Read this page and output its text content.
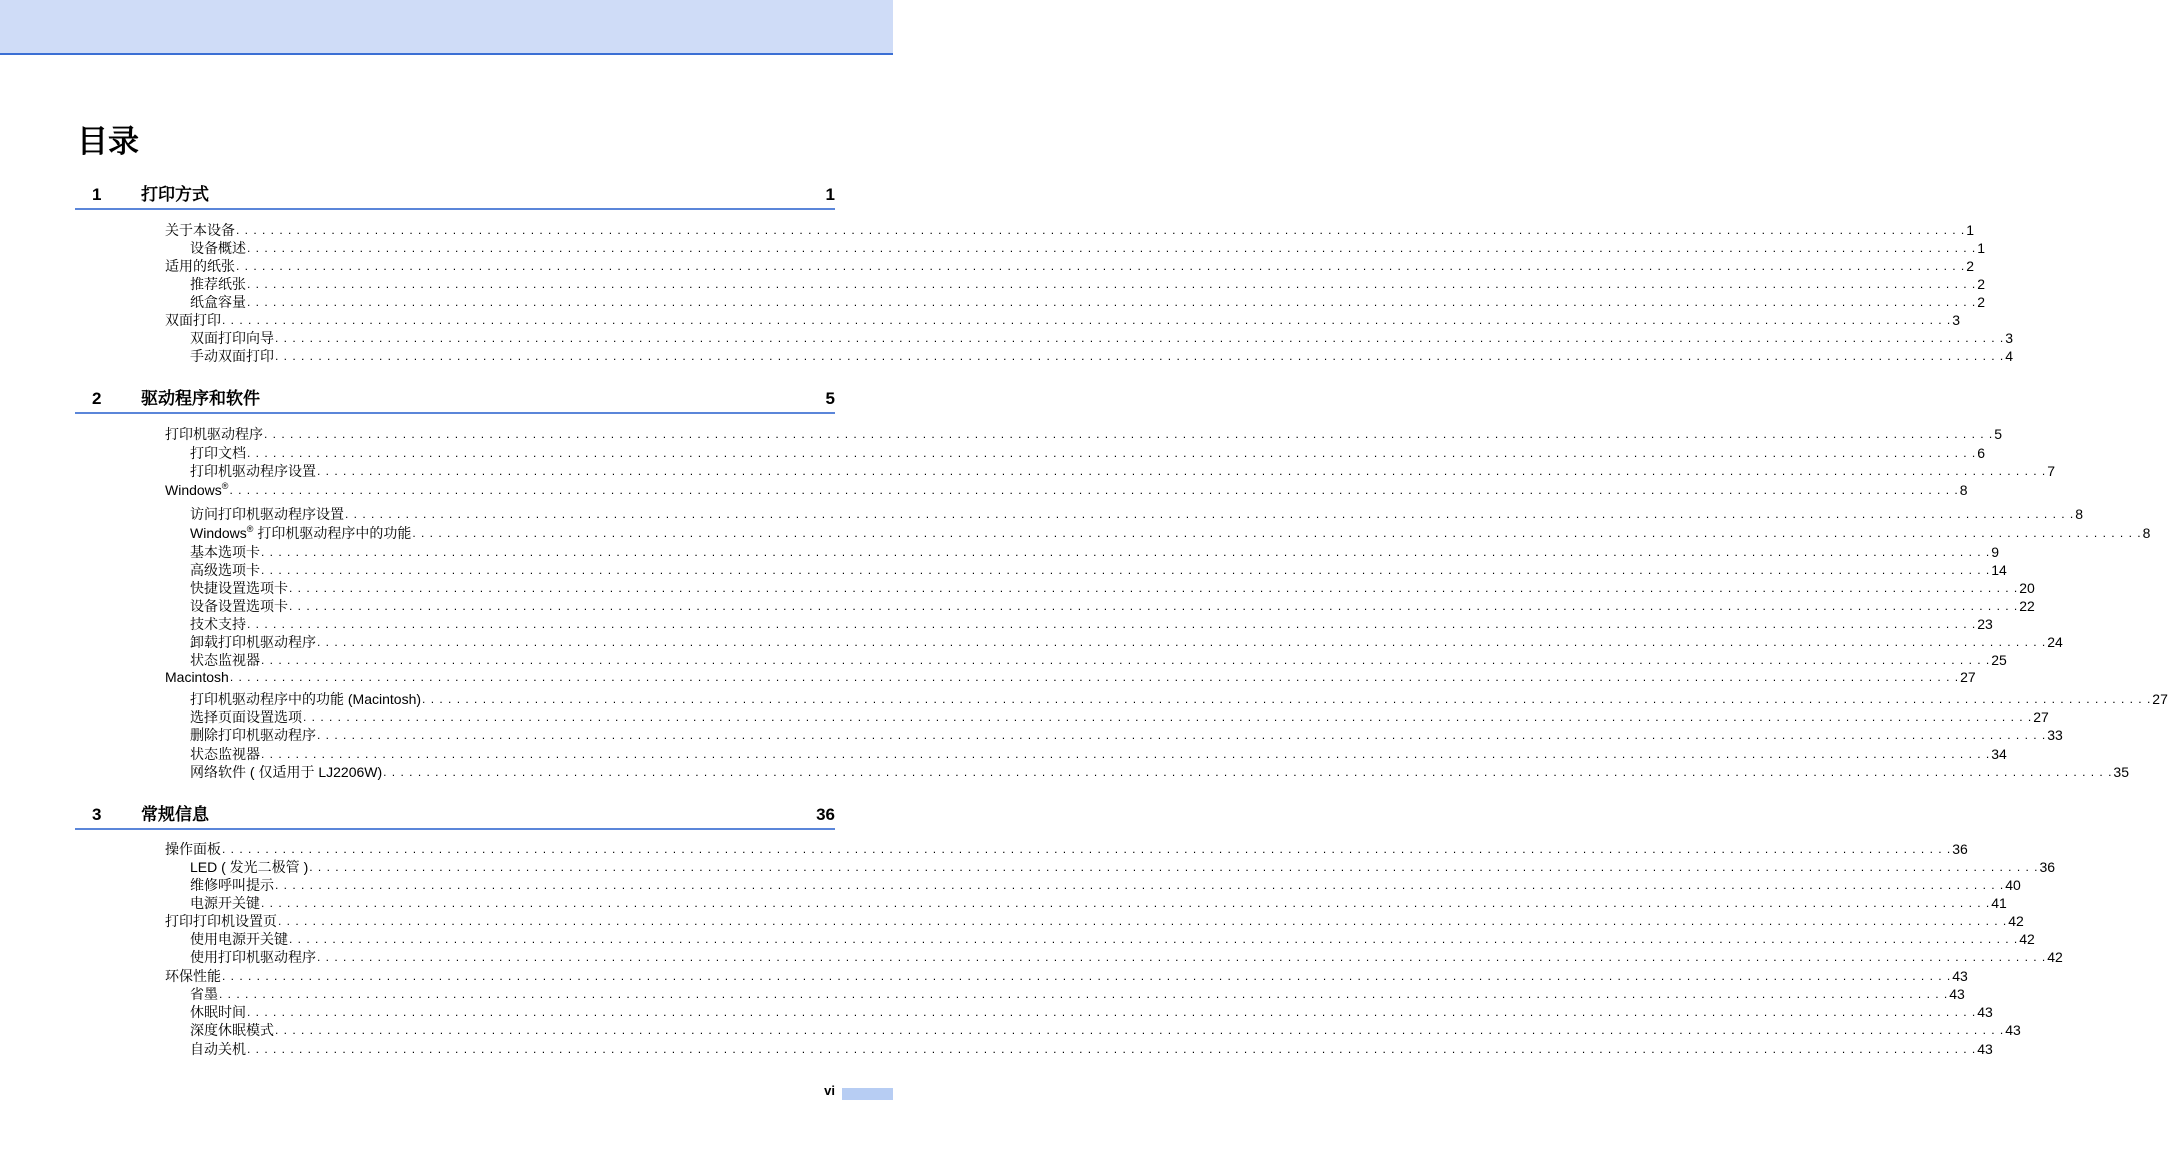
目录
1 打印方式	1
关于本设备 . . . . . . . . . . . . . . . . . . . . . . . . . . . . . . . . . . . . . . . . . . . . . . . . . . . . . . . . . . . . . . . . . . . . . . . . . . . . . . . . . . . . . . . . . . . . . . . . . . . . . . . . . . . . . . . . . . . . . . . . . . . . . . . . . . . . . . . . . . . . . . . . . . . . . . . . . . . . . . . . . . . . . . . . . . . . . . . . . . . . . . . . . . . . . . . . . . . . . . . . 1
设备概述 . . . . . . . . . . . . . . . . . . . . . . . . . . . . . . . . . . . . . . . . . . . . . . . . . . . . . . . . . . . . . . . . . . . . . . . . . . . . . . . . . . . . . . . . . . . . . . . . . . . . . . . . . . . . . . . . . . . . . . . . . . . . . . . . . . . . . . . . . . . . . . . . . . . . . . . . . . . . . . . . . . . . . . . . . . . . . . . . . . . . . . . . . . . . . . . . . . . . . . . . 1
适用的纸张 . . . . . . . . . . . . . . . . . . . . . . . . . . . . . . . . . . . . . . . . . . . . . . . . . . . . . . . . . . . . . . . . . . . . . . . . . . . . . . . . . . . . . . . . . . . . . . . . . . . . . . . . . . . . . . . . . . . . . . . . . . . . . . . . . . . . . . . . . . . . . . . . . . . . . . . . . . . . . . . . . . . . . . . . . . . . . . . . . . . . . . . . . . . . . . . . . . . . . . . . 2
推荐纸张 . . . . . . . . . . . . . . . . . . . . . . . . . . . . . . . . . . . . . . . . . . . . . . . . . . . . . . . . . . . . . . . . . . . . . . . . . . . . . . . . . . . . . . . . . . . . . . . . . . . . . . . . . . . . . . . . . . . . . . . . . . . . . . . . . . . . . . . . . . . . . . . . . . . . . . . . . . . . . . . . . . . . . . . . . . . . . . . . . . . . . . . . . . . . . . . . . . . . . . . . 2
纸盒容量 . . . . . . . . . . . . . . . . . . . . . . . . . . . . . . . . . . . . . . . . . . . . . . . . . . . . . . . . . . . . . . . . . . . . . . . . . . . . . . . . . . . . . . . . . . . . . . . . . . . . . . . . . . . . . . . . . . . . . . . . . . . . . . . . . . . . . . . . . . . . . . . . . . . . . . . . . . . . . . . . . . . . . . . . . . . . . . . . . . . . . . . . . . . . . . . . . . . . . . . . 2
双面打印 . . . . . . . . . . . . . . . . . . . . . . . . . . . . . . . . . . . . . . . . . . . . . . . . . . . . . . . . . . . . . . . . . . . . . . . . . . . . . . . . . . . . . . . . . . . . . . . . . . . . . . . . . . . . . . . . . . . . . . . . . . . . . . . . . . . . . . . . . . . . . . . . . . . . . . . . . . . . . . . . . . . . . . . . . . . . . . . . . . . . . . . . . . . . . . . . . . . . . . . . 3
双面打印向导 . . . . . . . . . . . . . . . . . . . . . . . . . . . . . . . . . . . . . . . . . . . . . . . . . . . . . . . . . . . . . . . . . . . . . . . . . . . . . . . . . . . . . . . . . . . . . . . . . . . . . . . . . . . . . . . . . . . . . . . . . . . . . . . . . . . . . . . . . . . . . . . . . . . . . . . . . . . . . . . . . . . . . . . . . . . . . . . . . . . . . . . . . . . . . . . . . . . . . . . . 3
手动双面打印 . . . . . . . . . . . . . . . . . . . . . . . . . . . . . . . . . . . . . . . . . . . . . . . . . . . . . . . . . . . . . . . . . . . . . . . . . . . . . . . . . . . . . . . . . . . . . . . . . . . . . . . . . . . . . . . . . . . . . . . . . . . . . . . . . . . . . . . . . . . . . . . . . . . . . . . . . . . . . . . . . . . . . . . . . . . . . . . . . . . . . . . . . . . . . . . . . . . . . . . . 4
2 驱动程序和软件	5
打印机驱动程序 . . . . . . . . . . . . . . . . . . . . . . . . . . . . . . . . . . . . . . . . . . . . . . . . . . . . . . . . . . . . . . . . . . . . . . . . . . . . . . . . . . . . . . . . . . . . . . . . . . . . . . . . . . . . . . . . . . . . . . . . . . . . . . . . . . . . . . . . . . . . . . . . . . . . . . . . . . . . . . . . . . . . . . . . . . . . . . . . . . . . . . . . . . . . . . . . . . . . . . . . 5
打印文档 . . . . . . . . . . . . . . . . . . . . . . . . . . . . . . . . . . . . . . . . . . . . . . . . . . . . . . . . . . . . . . . . . . . . . . . . . . . . . . . . . . . . . . . . . . . . . . . . . . . . . . . . . . . . . . . . . . . . . . . . . . . . . . . . . . . . . . . . . . . . . . . . . . . . . . . . . . . . . . . . . . . . . . . . . . . . . . . . . . . . . . . . . . . . . . . . . . . . . . . . 6
打印机驱动程序设置 . . . . . . . . . . . . . . . . . . . . . . . . . . . . . . . . . . . . . . . . . . . . . . . . . . . . . . . . . . . . . . . . . . . . . . . . . . . . . . . . . . . . . . . . . . . . . . . . . . . . . . . . . . . . . . . . . . . . . . . . . . . . . . . . . . . . . . . . . . . . . . . . . . . . . . . . . . . . . . . . . . . . . . . . . . . . . . . . . . . . . . . . . . . . . . . . . . . . . . . . 7
Windows® . . . . . . . . . . . . . . . . . . . . . . . . . . . . . . . . . . . . . . . . . . . . . . . . . . . . . . . . . . . . . . . . . . . . . . . . . . . . . . . . . . . . . . . . . . . . . . . . . . . . . . . . . . . . . . . . . . . . . . . . . . . . . . . . . . . . . . . . . . . . . . . . . . . . . . . . . . . . . . . . . . . . . . . . . . . . . . . . . . . . . . . . . . . . . . . . . . . . . . . . 8
访问打印机驱动程序设置 . . . . . . . . . . . . . . . . . . . . . . . . . . . . . . . . . . . . . . . . . . . . . . . . . . . . . . . . . . . . . . . . . . . . . . . . . . . . . . . . . . . . . . . . . . . . . . . . . . . . . . . . . . . . . . . . . . . . . . . . . . . . . . . . . . . . . . . . . . . . . . . . . . . . . . . . . . . . . . . . . . . . . . . . . . . . . . . . . . . . . . . . . . . . . . . . . . . . . . . . 8
Windows® 打印机驱动程序中的功能 . . . . . . . . . . . . . . . . . . . . . . . . . . . . . . . . . . . . . . . . . . . . . . . . . . . . . . . . . . . . . . . . . . . . . . . . . . . . . . . . . . . . . . . . . . . . . . . . . . . . . . . . . . . . . . . . . . . . . . . . . . . . . . . . . . . . . . . . . . . . . . . . . . . . . . . . . . . . . . . . . . . . . . . . . . . . . . . . . . . . . . . . . . . . . . . . . . . . . . . . 8
基本选项卡 . . . . . . . . . . . . . . . . . . . . . . . . . . . . . . . . . . . . . . . . . . . . . . . . . . . . . . . . . . . . . . . . . . . . . . . . . . . . . . . . . . . . . . . . . . . . . . . . . . . . . . . . . . . . . . . . . . . . . . . . . . . . . . . . . . . . . . . . . . . . . . . . . . . . . . . . . . . . . . . . . . . . . . . . . . . . . . . . . . . . . . . . . . . . . . . . . . . . . . . . 9
高级选项卡 . . . . . . . . . . . . . . . . . . . . . . . . . . . . . . . . . . . . . . . . . . . . . . . . . . . . . . . . . . . . . . . . . . . . . . . . . . . . . . . . . . . . . . . . . . . . . . . . . . . . . . . . . . . . . . . . . . . . . . . . . . . . . . . . . . . . . . . . . . . . . . . . . . . . . . . . . . . . . . . . . . . . . . . . . . . . . . . . . . . . . . . . . . . . . . . . . . . . . . . . 14
快捷设置选项卡 . . . . . . . . . . . . . . . . . . . . . . . . . . . . . . . . . . . . . . . . . . . . . . . . . . . . . . . . . . . . . . . . . . . . . . . . . . . . . . . . . . . . . . . . . . . . . . . . . . . . . . . . . . . . . . . . . . . . . . . . . . . . . . . . . . . . . . . . . . . . . . . . . . . . . . . . . . . . . . . . . . . . . . . . . . . . . . . . . . . . . . . . . . . . . . . . . . . . . . . . 20
设备设置选项卡 . . . . . . . . . . . . . . . . . . . . . . . . . . . . . . . . . . . . . . . . . . . . . . . . . . . . . . . . . . . . . . . . . . . . . . . . . . . . . . . . . . . . . . . . . . . . . . . . . . . . . . . . . . . . . . . . . . . . . . . . . . . . . . . . . . . . . . . . . . . . . . . . . . . . . . . . . . . . . . . . . . . . . . . . . . . . . . . . . . . . . . . . . . . . . . . . . . . . . . . . 22
技术支持 . . . . . . . . . . . . . . . . . . . . . . . . . . . . . . . . . . . . . . . . . . . . . . . . . . . . . . . . . . . . . . . . . . . . . . . . . . . . . . . . . . . . . . . . . . . . . . . . . . . . . . . . . . . . . . . . . . . . . . . . . . . . . . . . . . . . . . . . . . . . . . . . . . . . . . . . . . . . . . . . . . . . . . . . . . . . . . . . . . . . . . . . . . . . . . . . . . . . . . . . 23
卸载打印机驱动程序 . . . . . . . . . . . . . . . . . . . . . . . . . . . . . . . . . . . . . . . . . . . . . . . . . . . . . . . . . . . . . . . . . . . . . . . . . . . . . . . . . . . . . . . . . . . . . . . . . . . . . . . . . . . . . . . . . . . . . . . . . . . . . . . . . . . . . . . . . . . . . . . . . . . . . . . . . . . . . . . . . . . . . . . . . . . . . . . . . . . . . . . . . . . . . . . . . . . . . . . . 24
状态监视器 . . . . . . . . . . . . . . . . . . . . . . . . . . . . . . . . . . . . . . . . . . . . . . . . . . . . . . . . . . . . . . . . . . . . . . . . . . . . . . . . . . . . . . . . . . . . . . . . . . . . . . . . . . . . . . . . . . . . . . . . . . . . . . . . . . . . . . . . . . . . . . . . . . . . . . . . . . . . . . . . . . . . . . . . . . . . . . . . . . . . . . . . . . . . . . . . . . . . . . . . 25
Macintosh . . . . . . . . . . . . . . . . . . . . . . . . . . . . . . . . . . . . . . . . . . . . . . . . . . . . . . . . . . . . . . . . . . . . . . . . . . . . . . . . . . . . . . . . . . . . . . . . . . . . . . . . . . . . . . . . . . . . . . . . . . . . . . . . . . . . . . . . . . . . . . . . . . . . . . . . . . . . . . . . . . . . . . . . . . . . . . . . . . . . . . . . . . . . . . . . . . . . . . . . 27
打印机驱动程序中的功能 (Macintosh) . . . . . . . . . . . . . . . . . . . . . . . . . . . . . . . . . . . . . . . . . . . . . . . . . . . . . . . . . . . . . . . . . . . . . . . . . . . . . . . . . . . . . . . . . . . . . . . . . . . . . . . . . . . . . . . . . . . . . . . . . . . . . . . . . . . . . . . . . . . . . . . . . . . . . . . . . . . . . . . . . . . . . . . . . . . . . . . . . . . . . . . . . . . . . . . . . . . . . . . . 27
选择页面设置选项 . . . . . . . . . . . . . . . . . . . . . . . . . . . . . . . . . . . . . . . . . . . . . . . . . . . . . . . . . . . . . . . . . . . . . . . . . . . . . . . . . . . . . . . . . . . . . . . . . . . . . . . . . . . . . . . . . . . . . . . . . . . . . . . . . . . . . . . . . . . . . . . . . . . . . . . . . . . . . . . . . . . . . . . . . . . . . . . . . . . . . . . . . . . . . . . . . . . . . . . . 27
删除打印机驱动程序 . . . . . . . . . . . . . . . . . . . . . . . . . . . . . . . . . . . . . . . . . . . . . . . . . . . . . . . . . . . . . . . . . . . . . . . . . . . . . . . . . . . . . . . . . . . . . . . . . . . . . . . . . . . . . . . . . . . . . . . . . . . . . . . . . . . . . . . . . . . . . . . . . . . . . . . . . . . . . . . . . . . . . . . . . . . . . . . . . . . . . . . . . . . . . . . . . . . . . . . . 33
状态监视器 . . . . . . . . . . . . . . . . . . . . . . . . . . . . . . . . . . . . . . . . . . . . . . . . . . . . . . . . . . . . . . . . . . . . . . . . . . . . . . . . . . . . . . . . . . . . . . . . . . . . . . . . . . . . . . . . . . . . . . . . . . . . . . . . . . . . . . . . . . . . . . . . . . . . . . . . . . . . . . . . . . . . . . . . . . . . . . . . . . . . . . . . . . . . . . . . . . . . . . . . 34
网络软件 ( 仅适用于 LJ2206W) . . . . . . . . . . . . . . . . . . . . . . . . . . . . . . . . . . . . . . . . . . . . . . . . . . . . . . . . . . . . . . . . . . . . . . . . . . . . . . . . . . . . . . . . . . . . . . . . . . . . . . . . . . . . . . . . . . . . . . . . . . . . . . . . . . . . . . . . . . . . . . . . . . . . . . . . . . . . . . . . . . . . . . . . . . . . . . . . . . . . . . . . . . . . . . . . . . . . . . . . 35
3 常规信息	36
操作面板 . . . . . . . . . . . . . . . . . . . . . . . . . . . . . . . . . . . . . . . . . . . . . . . . . . . . . . . . . . . . . . . . . . . . . . . . . . . . . . . . . . . . . . . . . . . . . . . . . . . . . . . . . . . . . . . . . . . . . . . . . . . . . . . . . . . . . . . . . . . . . . . . . . . . . . . . . . . . . . . . . . . . . . . . . . . . . . . . . . . . . . . . . . . . . . . . . . . . . . . . 36
LED ( 发光二极管 ) . . . . . . . . . . . . . . . . . . . . . . . . . . . . . . . . . . . . . . . . . . . . . . . . . . . . . . . . . . . . . . . . . . . . . . . . . . . . . . . . . . . . . . . . . . . . . . . . . . . . . . . . . . . . . . . . . . . . . . . . . . . . . . . . . . . . . . . . . . . . . . . . . . . . . . . . . . . . . . . . . . . . . . . . . . . . . . . . . . . . . . . . . . . . . . . . . . . . . . . . 36
维修呼叫提示 . . . . . . . . . . . . . . . . . . . . . . . . . . . . . . . . . . . . . . . . . . . . . . . . . . . . . . . . . . . . . . . . . . . . . . . . . . . . . . . . . . . . . . . . . . . . . . . . . . . . . . . . . . . . . . . . . . . . . . . . . . . . . . . . . . . . . . . . . . . . . . . . . . . . . . . . . . . . . . . . . . . . . . . . . . . . . . . . . . . . . . . . . . . . . . . . . . . . . . . . 40
电源开关键 . . . . . . . . . . . . . . . . . . . . . . . . . . . . . . . . . . . . . . . . . . . . . . . . . . . . . . . . . . . . . . . . . . . . . . . . . . . . . . . . . . . . . . . . . . . . . . . . . . . . . . . . . . . . . . . . . . . . . . . . . . . . . . . . . . . . . . . . . . . . . . . . . . . . . . . . . . . . . . . . . . . . . . . . . . . . . . . . . . . . . . . . . . . . . . . . . . . . . . . . 41
打印打印机设置页 . . . . . . . . . . . . . . . . . . . . . . . . . . . . . . . . . . . . . . . . . . . . . . . . . . . . . . . . . . . . . . . . . . . . . . . . . . . . . . . . . . . . . . . . . . . . . . . . . . . . . . . . . . . . . . . . . . . . . . . . . . . . . . . . . . . . . . . . . . . . . . . . . . . . . . . . . . . . . . . . . . . . . . . . . . . . . . . . . . . . . . . . . . . . . . . . . . . . . . . . 42
使用电源开关键 . . . . . . . . . . . . . . . . . . . . . . . . . . . . . . . . . . . . . . . . . . . . . . . . . . . . . . . . . . . . . . . . . . . . . . . . . . . . . . . . . . . . . . . . . . . . . . . . . . . . . . . . . . . . . . . . . . . . . . . . . . . . . . . . . . . . . . . . . . . . . . . . . . . . . . . . . . . . . . . . . . . . . . . . . . . . . . . . . . . . . . . . . . . . . . . . . . . . . . . . 42
使用打印机驱动程序 . . . . . . . . . . . . . . . . . . . . . . . . . . . . . . . . . . . . . . . . . . . . . . . . . . . . . . . . . . . . . . . . . . . . . . . . . . . . . . . . . . . . . . . . . . . . . . . . . . . . . . . . . . . . . . . . . . . . . . . . . . . . . . . . . . . . . . . . . . . . . . . . . . . . . . . . . . . . . . . . . . . . . . . . . . . . . . . . . . . . . . . . . . . . . . . . . . . . . . . . 42
环保性能 . . . . . . . . . . . . . . . . . . . . . . . . . . . . . . . . . . . . . . . . . . . . . . . . . . . . . . . . . . . . . . . . . . . . . . . . . . . . . . . . . . . . . . . . . . . . . . . . . . . . . . . . . . . . . . . . . . . . . . . . . . . . . . . . . . . . . . . . . . . . . . . . . . . . . . . . . . . . . . . . . . . . . . . . . . . . . . . . . . . . . . . . . . . . . . . . . . . . . . . . 43
省墨 . . . . . . . . . . . . . . . . . . . . . . . . . . . . . . . . . . . . . . . . . . . . . . . . . . . . . . . . . . . . . . . . . . . . . . . . . . . . . . . . . . . . . . . . . . . . . . . . . . . . . . . . . . . . . . . . . . . . . . . . . . . . . . . . . . . . . . . . . . . . . . . . . . . . . . . . . . . . . . . . . . . . . . . . . . . . . . . . . . . . . . . . . . . . . . . . . . . . . . . . 43
休眠时间 . . . . . . . . . . . . . . . . . . . . . . . . . . . . . . . . . . . . . . . . . . . . . . . . . . . . . . . . . . . . . . . . . . . . . . . . . . . . . . . . . . . . . . . . . . . . . . . . . . . . . . . . . . . . . . . . . . . . . . . . . . . . . . . . . . . . . . . . . . . . . . . . . . . . . . . . . . . . . . . . . . . . . . . . . . . . . . . . . . . . . . . . . . . . . . . . . . . . . . . . 43
深度休眠模式 . . . . . . . . . . . . . . . . . . . . . . . . . . . . . . . . . . . . . . . . . . . . . . . . . . . . . . . . . . . . . . . . . . . . . . . . . . . . . . . . . . . . . . . . . . . . . . . . . . . . . . . . . . . . . . . . . . . . . . . . . . . . . . . . . . . . . . . . . . . . . . . . . . . . . . . . . . . . . . . . . . . . . . . . . . . . . . . . . . . . . . . . . . . . . . . . . . . . . . . . 43
自动关机 . . . . . . . . . . . . . . . . . . . . . . . . . . . . . . . . . . . . . . . . . . . . . . . . . . . . . . . . . . . . . . . . . . . . . . . . . . . . . . . . . . . . . . . . . . . . . . . . . . . . . . . . . . . . . . . . . . . . . . . . . . . . . . . . . . . . . . . . . . . . . . . . . . . . . . . . . . . . . . . . . . . . . . . . . . . . . . . . . . . . . . . . . . . . . . . . . . . . . . . . 43
vi
